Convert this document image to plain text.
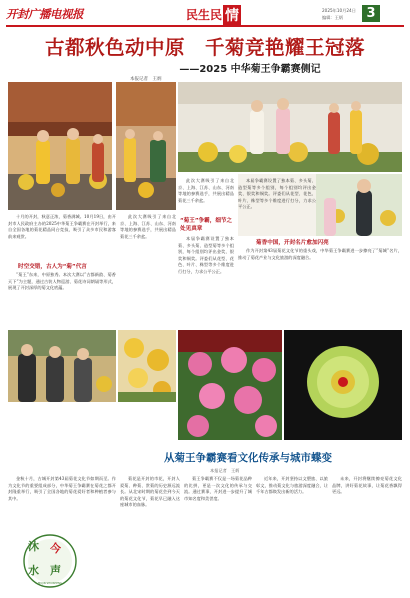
开封广播电视报	民生民 情	2025年10月24日
编辑：王炳	3
古都秋色动中原　千菊竞艳耀王冠落
——2025 中华菊王争霸赛侧记
本报记者　王炳

十月的开封，秋意正浓，菊香满城。10月19日，由开封市人民政府主办的2025中华菊王争霸赛在开封举行，来自全国各地的菊花精品同台竞技，吸引了众多市民和游客前来观赏。

时空交错，古人为“菊”代言

“菊王”东来，中原独秀。本次大赛以“古都新韵、菊香天下”为主题，通过古装人物巡游、菊花诗词朗诵等形式，展现了开封深厚的菊文化底蕴。

此次大赛吸引了来自北京、上海、江苏、山东、河南等地的参赛选手，共展出精品菊花三千余盆。

此次大赛吸引了来自北京、上海、江苏、山东、河南等地的参赛选手，共展出精品菊花三千余盆。

“菊王”争霸，细节之处见真章

本届争霸赛设置了独本菊、多头菊、造型菊等多个组别，每个组别均评出金奖、银奖和铜奖。评委们从花型、花色、叶片、株型等多个维度进行打分，力求公平公正。

本届争霸赛设置了独本菊、多头菊、造型菊等多个组别，每个组别均评出金奖、银奖和铜奖。评委们从花型、花色、叶片、株型等多个维度进行打分，力求公平公正。

菊香中国，开封名片愈加闪亮

作为开封第43届菊花文化节的重头戏，中华菊王争霸赛进一步擦亮了“菊城”名片，推动了菊花产业与文化旅游的深度融合。

从菊王争霸赛看文化传承与城市蝶变
本报记者　王炳

金秋十月，古城开封第43届菊花文化节如期而至。作为文化节的重要组成部分，中华菊王争霸赛在菊花之都开封隆重举行，吸引了全国各地的菊花爱好者和种植者参与其中。

沐 今
水 声
MUJIN SHUISHENG

菊花是开封的市花，开封人爱菊、种菊、赏菊的历史源远流长。从北宋时期的菊花会到今天的菊花文化节，菊花早已融入这座城市的血脉。

菊王争霸赛不仅是一场菊花品种的比拼，更是一次文化的传承与交流。通过赛事，开封进一步提升了城市知名度和美誉度。

近年来，开封坚持以文塑旅、以旅彰文，推动菊文化与旅游深度融合，让千年古都焕发出新的活力。

未来，开封将继续擦亮菊花文化品牌，讲好菊花故事，让菊花香飘得更远。
